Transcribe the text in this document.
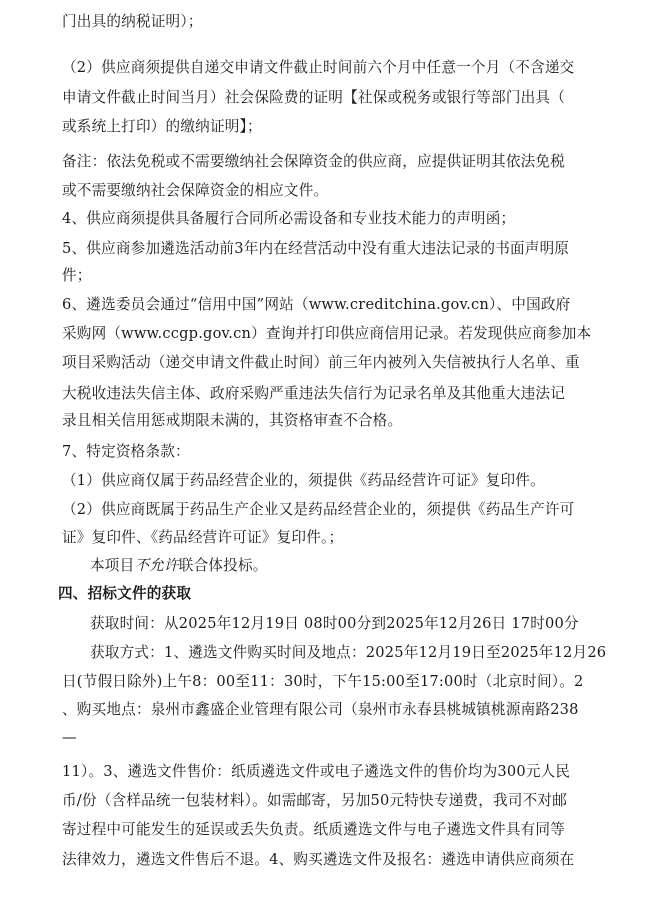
门出具的纳税证明）；
（2）供应商须提供自递交申请文件截止时间前六个月中任意一个月（不含递交
申请文件截止时间当月）社会保险费的证明【社保或税务或银行等部门出具（
或系统上打印）的缴纳证明】；
备注：依法免税或不需要缴纳社会保障资金的供应商，应提供证明其依法免税
或不需要缴纳社会保障资金的相应文件。
4、供应商须提供具备履行合同所必需设备和专业技术能力的声明函；
5、供应商参加遴选活动前3年内在经营活动中没有重大违法记录的书面声明原
件；
6、遴选委员会通过“信用中国”网站（www.creditchina.gov.cn）、中国政府
采购网（www.ccgp.gov.cn）查询并打印供应商信用记录。若发现供应商参加本
项目采购活动（递交申请文件截止时间）前三年内被列入失信被执行人名单、重
大税收违法失信主体、政府采购严重违法失信行为记录名单及其他重大违法记
录且相关信用惩戒期限未满的，其资格审查不合格。
7、特定资格条款：
（1）供应商仅属于药品经营企业的，须提供《药品经营许可证》复印件。
（2）供应商既属于药品生产企业又是药品经营企业的，须提供《药品生产许可
证》复印件、《药品经营许可证》复印件。；
本项目不允许联合体投标。
四、招标文件的获取
获取时间：从2025年12月19日 08时00分到2025年12月26日 17时00分
获取方式：1、遴选文件购买时间及地点：2025年12月19日至2025年12月26
日(节假日除外)上午8：00至11：30时，下午15:00至17:00时（北京时间）。2
、购买地点：泉州市鑫盛企业管理有限公司（泉州市永春县桃城镇桃源南路238
—
11）。3、遴选文件售价：纸质遴选文件或电子遴选文件的售价均为300元人民
币/份（含样品统一包装材料）。如需邮寄，另加50元特快专递费，我司不对邮
寄过程中可能发生的延误或丢失负责。纸质遴选文件与电子遴选文件具有同等
法律效力，遴选文件售后不退。4、购买遴选文件及报名：遴选申请供应商须在
